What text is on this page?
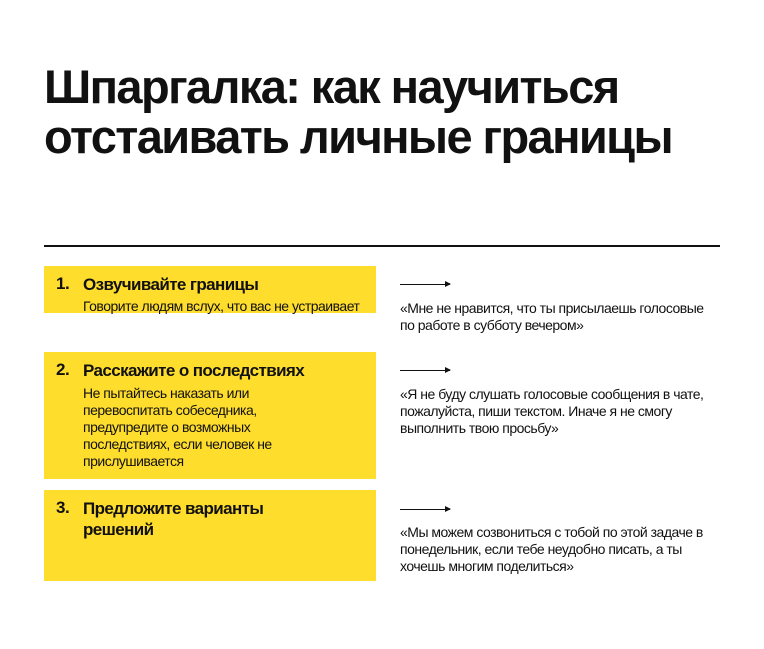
Шпаргалка: как научиться отстаивать личные границы
1. Озвучивайте границы
Говорите людям вслух, что вас не устраивает	«Мне не нравится, что ты присылаешь голосовые по работе в субботу вечером»
2. Расскажите о последствиях
Не пытайтесь наказать или перевоспитать собеседника, предупредите о возможных последствиях, если человек не прислушивается
«Я не буду слушать голосовые сообщения в чате, пожалуйста, пиши текстом. Иначе я не смогу выполнить твою просьбу»
3. Предложите варианты решений	«Мы можем созвониться с тобой по этой задаче в понедельник, если тебе неудобно писать, а ты хочешь многим поделиться»
